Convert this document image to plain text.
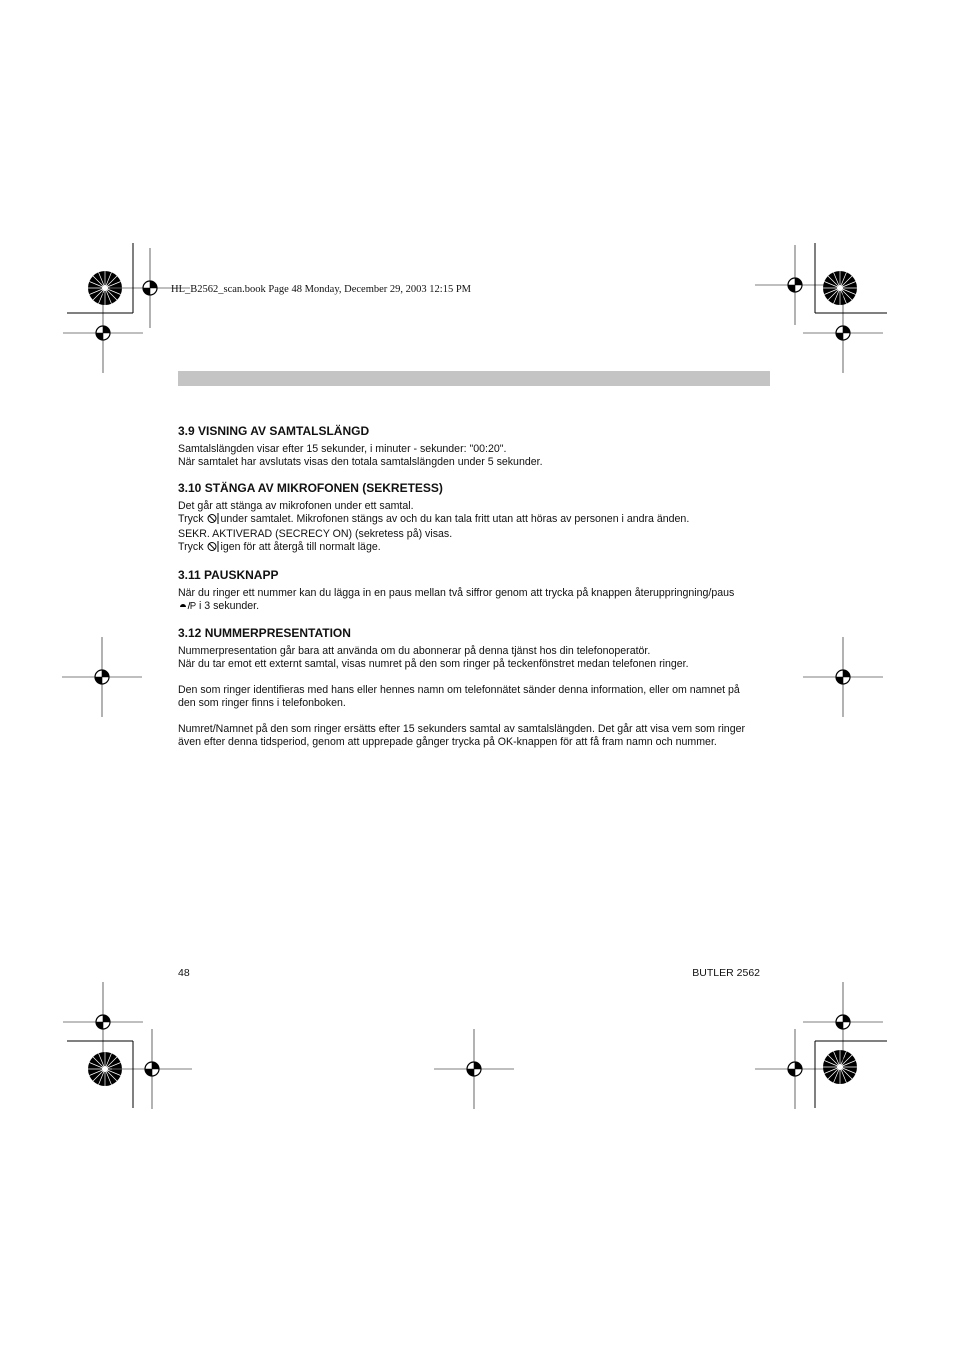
HL_B2562_scan.book Page 48 Monday, December 29, 2003 12:15 PM
3.9 VISNING AV SAMTALSLÄNGD

Samtalslängden visar efter 15 sekunder, i minuter - sekunder: "00:20".

När samtalet har avslutats visas den totala samtalslängden under 5 sekunder.

3.10 STÄNGA AV MIKROFONEN (SEKRETESS)

Det går att stänga av mikrofonen under ett samtal.

Tryck under samtalet. Mikrofonen stängs av och du kan tala fritt utan att höras av personen i andra änden.

SEKR. AKTIVERAD (SECRECY ON) (sekretess på) visas.

Tryck igen för att återgå till normalt läge.

3.11 PAUSKNAPP

När du ringer ett nummer kan du lägga in en paus mellan två siffror genom att trycka på knappen återuppringning/paus

i 3 sekunder.

3.12 NUMMERPRESENTATION

Nummerpresentation går bara att använda om du abonnerar på denna tjänst hos din telefonoperatör.

När du tar emot ett externt samtal, visas numret på den som ringer på teckenfönstret medan telefonen ringer.

Den som ringer identifieras med hans eller hennes namn om telefonnätet sänder denna information, eller om namnet på

den som ringer finns i telefonboken.

Numret/Namnet på den som ringer ersätts efter 15 sekunders samtal av samtalslängden. Det går att visa vem som ringer

även efter denna tidsperiod, genom att upprepade gånger trycka på OK-knappen för att få fram namn och nummer.

48	BUTLER 2562
